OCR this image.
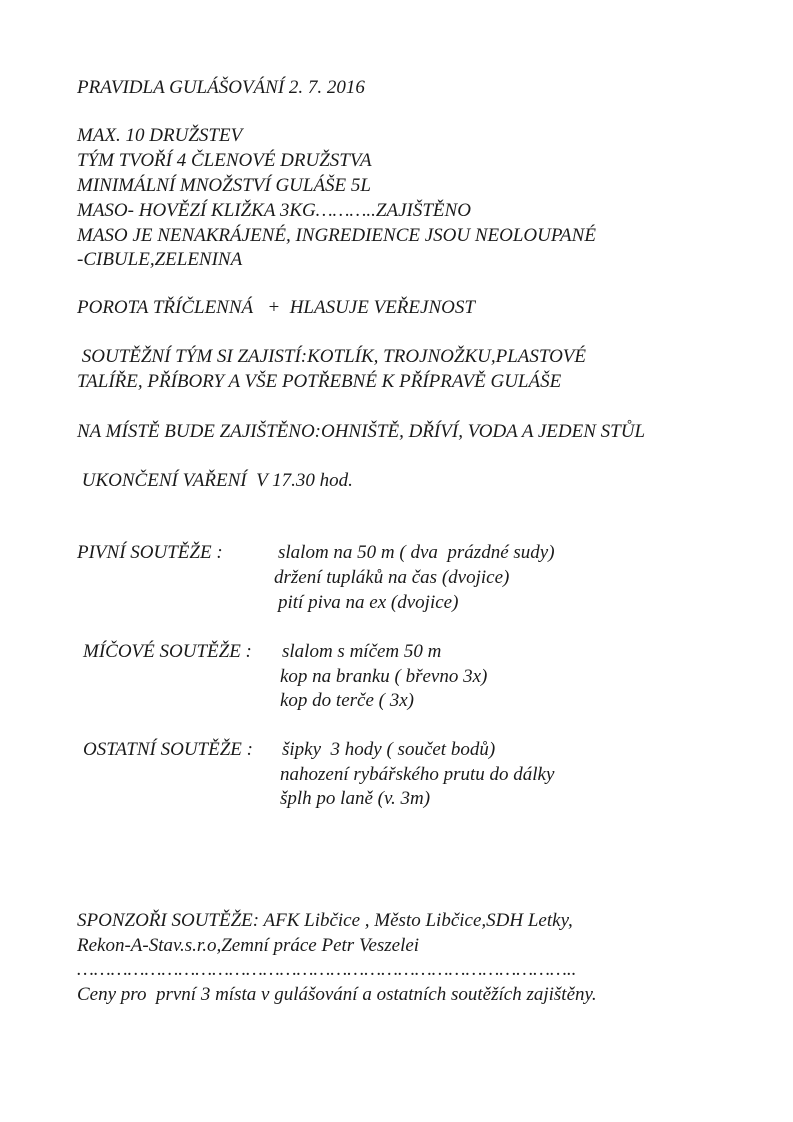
PRAVIDLA GULÁŠOVÁNÍ 2. 7. 2016
MAX. 10 DRUŽSTEV
TÝM TVOŘÍ 4 ČLENOVÉ DRUŽSTVA
MINIMÁLNÍ MNOŽSTVÍ GULÁŠE 5L
MASO- HOVĚZÍ KLIŽKA 3KG………..ZAJIŠTĚNO
MASO JE NENAKRÁJENÉ, INGREDIENCE JSOU NEOLOUPANÉ
-CIBULE,ZELENINA
POROTA TŘÍČLENNÁ   +  HLASUJE VEŘEJNOST
SOUTĚŽNÍ TÝM SI ZAJISTÍ:KOTLÍK, TROJNOŽKU,PLASTOVÉ
TALÍŘE, PŘÍBORY A VŠE POTŘEBNÉ K PŘÍPRAVĚ GULÁŠE
NA MÍSTĚ BUDE ZAJIŠTĚNO:OHNIŠTĚ, DŘÍVÍ, VODA A JEDEN STŮL
UKONČENÍ VAŘENÍ  V 17.30 hod.
PIVNÍ SOUTĚŽE :	slalom na 50 m ( dva  prázdné sudy)
držení tupláků na čas (dvojice)
pití piva na ex (dvojice)
MÍČOVÉ SOUTĚŽE : slalom s míčem 50 m
kop na branku ( břevno 3x)
kop do terče ( 3x)
OSTATNÍ SOUTĚŽE : šipky  3 hody ( součet bodů)
nahození rybářského prutu do dálky
šplh po laně (v. 3m)
SPONZOŘI SOUTĚŽE: AFK Libčice , Město Libčice,SDH Letky,
Rekon-A-Stav.s.r.o,Zemní práce Petr Veszelei
……………………………………………………………………………..
Ceny pro  první 3 místa v gulášování a ostatních soutěžích zajištěny.
